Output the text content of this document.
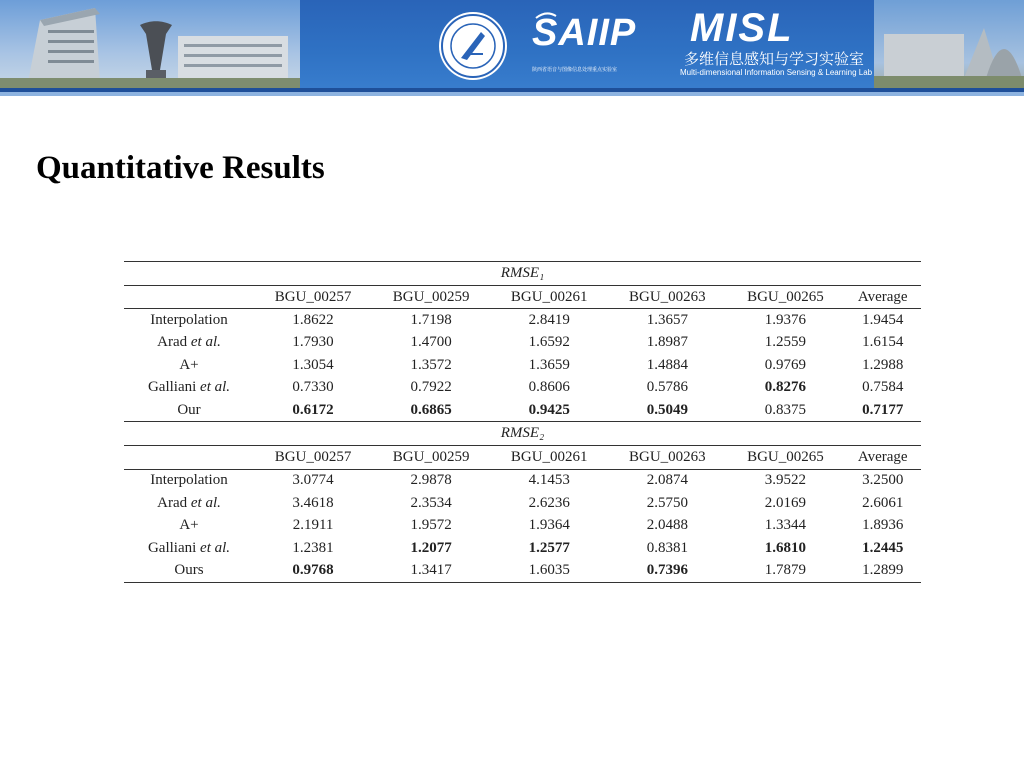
SAIIP
陕西省语音与图像信息处理重点实验室
MISL
多维信息感知与学习实验室
Multi-dimensional Information Sensing & Learning Lab
Quantitative Results
RMSE₁						
	BGU_00257	BGU_00259	BGU_00261	BGU_00263	BGU_00265	Average
Interpolation	1.8622	1.7198	2.8419	1.3657	1.9376	1.9454
Arad et al.	1.7930	1.4700	1.6592	1.8987	1.2559	1.6154
A+	1.3054	1.3572	1.3659	1.4884	0.9769	1.2988
Galliani et al.	0.7330	0.7922	0.8606	0.5786	0.8276	0.7584
Our	0.6172	0.6865	0.9425	0.5049	0.8375	0.7177
RMSE₂						
	BGU_00257	BGU_00259	BGU_00261	BGU_00263	BGU_00265	Average
Interpolation	3.0774	2.9878	4.1453	2.0874	3.9522	3.2500
Arad et al.	3.4618	2.3534	2.6236	2.5750	2.0169	2.6061
A+	2.1911	1.9572	1.9364	2.0488	1.3344	1.8936
Galliani et al.	1.2381	1.2077	1.2577	0.8381	1.6810	1.2445
Ours	0.9768	1.3417	1.6035	0.7396	1.7879	1.2899
